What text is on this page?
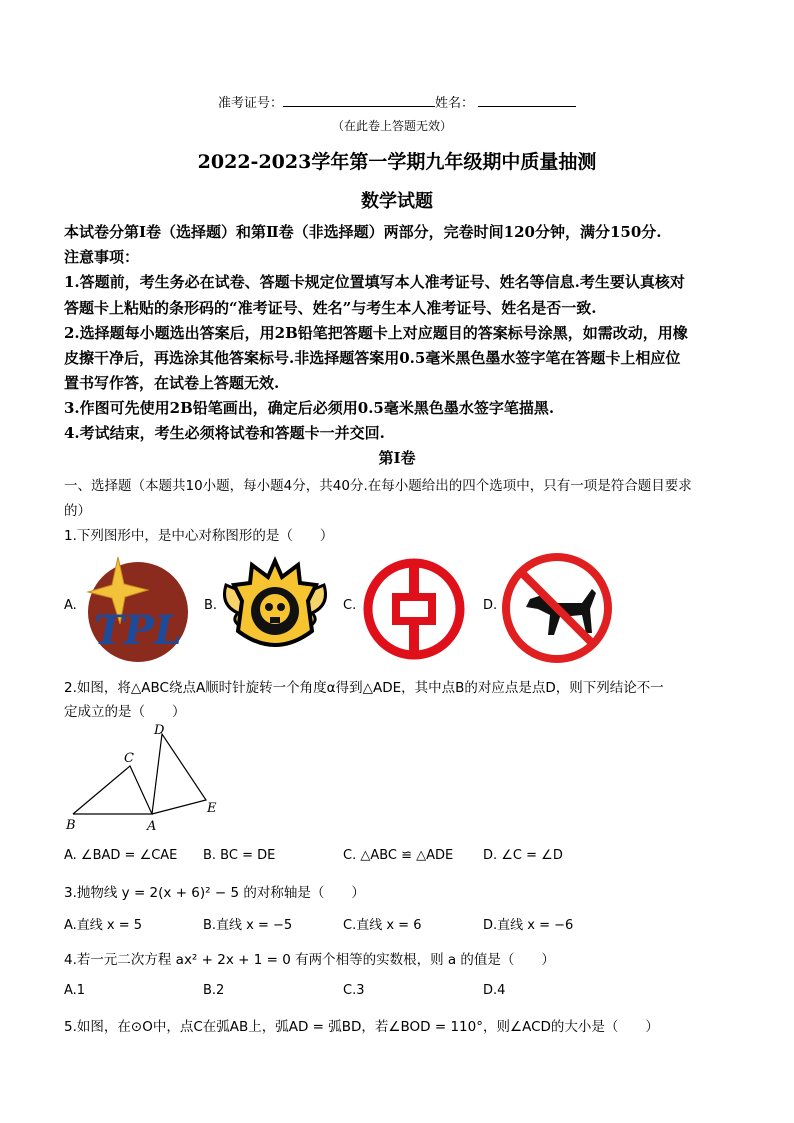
准考证号：	姓名：
（在此卷上答题无效）
2022-2023学年第一学期九年级期中质量抽测
数学试题
本试卷分第Ⅰ卷（选择题）和第Ⅱ卷（非选择题）两部分，完卷时间120分钟，满分150分.
注意事项：
1.答题前，考生务必在试卷、答题卡规定位置填写本人准考证号、姓名等信息.考生要认真核对
答题卡上粘贴的条形码的“准考证号、姓名”与考生本人准考证号、姓名是否一致.
2.选择题每小题选出答案后，用2B铅笔把答题卡上对应题目的答案标号涂黑，如需改动，用橡
皮擦干净后，再选涂其他答案标号.非选择题答案用0.5毫米黑色墨水签字笔在答题卡上相应位
置书写作答，在试卷上答题无效.
3.作图可先使用2B铅笔画出，确定后必须用0.5毫米黑色墨水签字笔描黑.
4.考试结束，考生必须将试卷和答题卡一并交回.
第Ⅰ卷
一、选择题（本题共10小题，每小题4分，共40分.在每小题给出的四个选项中，只有一项是符合题目要求
的）
1.下列图形中，是中心对称图形的是（　　）
A.
TPL
B.	C.	D.
2.如图，将△ABC绕点A顺时针旋转一个角度α得到△ADE，其中点B的对应点是点D，则下列结论不一
定成立的是（　　）
B
C
A
D
E
A. ∠BAD = ∠CAE B. BC = DE	C. △ABC ≌ △ADE D. ∠C = ∠D
3.抛物线 y = 2(x + 6)² − 5 的对称轴是（　　）
A.直线 x = 5	B.直线 x = −5	C.直线 x = 6	D.直线 x = −6
4.若一元二次方程 ax² + 2x + 1 = 0 有两个相等的实数根，则 a 的值是（　　）
A.1	B.2	C.3	D.4
5.如图，在⊙O中，点C在弧AB上，弧AD = 弧BD，若∠BOD = 110°，则∠ACD的大小是（　　）
